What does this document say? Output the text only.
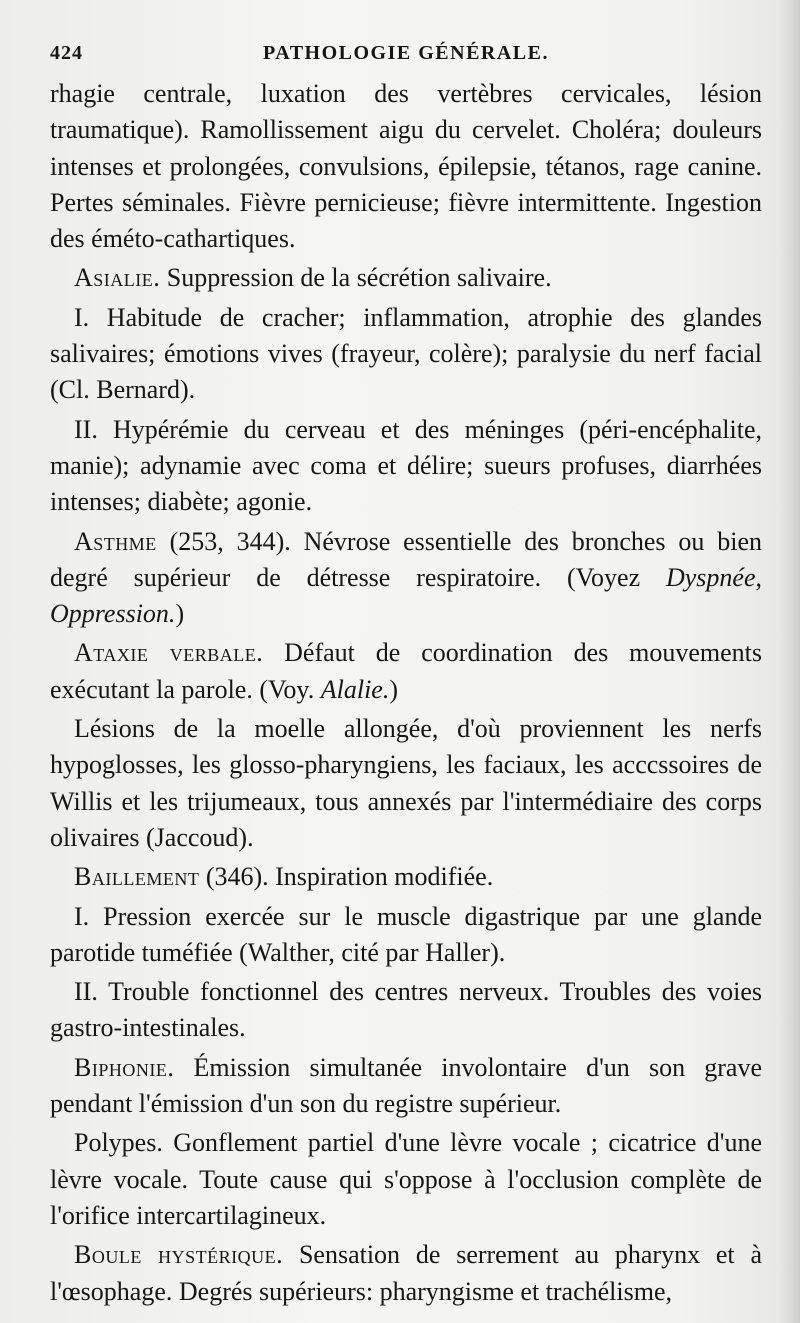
424	PATHOLOGIE GÉNÉRALE.

rhagie centrale, luxation des vertèbres cervicales, lésion traumatique). Ramollissement aigu du cervelet. Choléra; douleurs intenses et prolongées, convulsions, épilepsie, tétanos, rage canine. Pertes séminales. Fièvre pernicieuse; fièvre intermittente. Ingestion des éméto-cathartiques.

Asialie. Suppression de la sécrétion salivaire.

I. Habitude de cracher; inflammation, atrophie des glandes salivaires; émotions vives (frayeur, colère); paralysie du nerf facial (Cl. Bernard).

II. Hypérémie du cerveau et des méninges (péri-encéphalite, manie); adynamie avec coma et délire; sueurs profuses, diarrhées intenses; diabète; agonie.

Asthme (253, 344). Névrose essentielle des bronches ou bien degré supérieur de détresse respiratoire. (Voyez Dyspnée, Oppression.)

Ataxie verbale. Défaut de coordination des mouvements exécutant la parole. (Voy. Alalie.)

Lésions de la moelle allongée, d'où proviennent les nerfs hypoglosses, les glosso-pharyngiens, les faciaux, les acccssoires de Willis et les trijumeaux, tous annexés par l'intermédiaire des corps olivaires (Jaccoud).

Baillement (346). Inspiration modifiée.

I. Pression exercée sur le muscle digastrique par une glande parotide tuméfiée (Walther, cité par Haller).

II. Trouble fonctionnel des centres nerveux. Troubles des voies gastro-intestinales.

Biphonie. Émission simultanée involontaire d'un son grave pendant l'émission d'un son du registre supérieur.

Polypes. Gonflement partiel d'une lèvre vocale ; cicatrice d'une lèvre vocale. Toute cause qui s'oppose à l'occlusion complète de l'orifice intercartilagineux.

Boule hystérique. Sensation de serrement au pharynx et à l'œsophage. Degrés supérieurs: pharyngisme et trachélisme,
